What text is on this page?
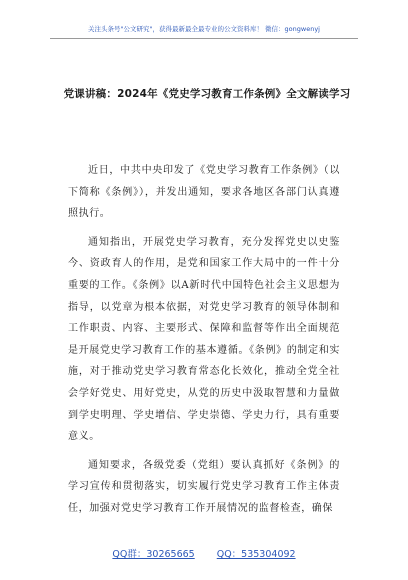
关注头条号"公文研究"，获得最新最全最专业的公文资料库！ 微信：gongwenyj
党课讲稿：2024年《党史学习教育工作条例》全文解读学习

近日，中共中央印发了《党史学习教育工作条例》（以下简称《条例》），并发出通知，要求各地区各部门认真遵照执行。

通知指出，开展党史学习教育，充分发挥党史以史鉴今、资政育人的作用，是党和国家工作大局中的一件十分重要的工作。《条例》以A新时代中国特色社会主义思想为指导，以党章为根本依据，对党史学习教育的领导体制和工作职责、内容、主要形式、保障和监督等作出全面规范是开展党史学习教育工作的基本遵循。《条例》的制定和实施，对于推动党史学习教育常态化长效化，推动全党全社会学好党史、用好党史，从党的历史中汲取智慧和力量做到学史明理、学史增信、学史崇德、学史力行，具有重要意义。

通知要求，各级党委（党组）要认真抓好《条例》的学习宣传和贯彻落实，切实履行党史学习教育工作主体责任，加强对党史学习教育工作开展情况的监督检查，确保

QQ群：30265665 QQ：535304092
